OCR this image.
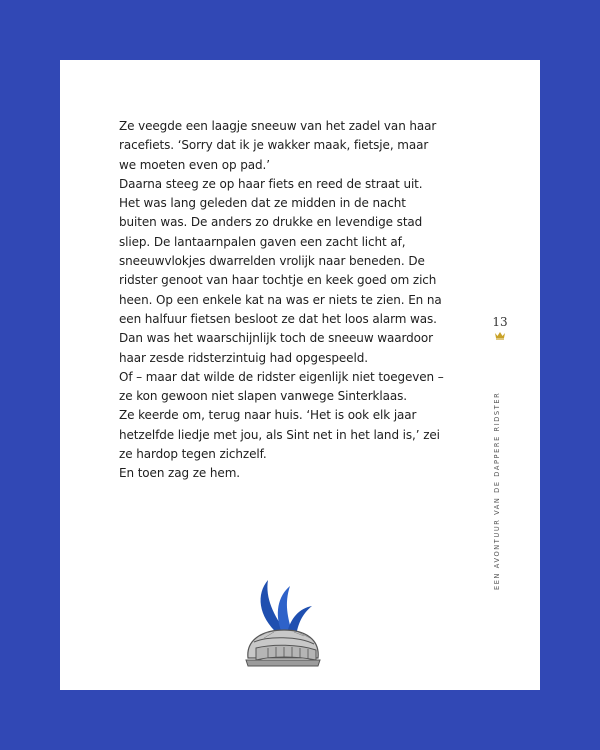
Ze veegde een laagje sneeuw van het zadel van haar

racefiets. ‘Sorry dat ik je wakker maak, fietsje, maar

we moeten even op pad.’

Daarna steeg ze op haar fiets en reed de straat uit.

Het was lang geleden dat ze midden in de nacht

buiten was. De anders zo drukke en levendige stad

sliep. De lantaarnpalen gaven een zacht licht af,

sneeuwvlokjes dwarrelden vrolijk naar beneden. De

ridster genoot van haar tochtje en keek goed om zich

heen. Op een enkele kat na was er niets te zien. En na

een halfuur fietsen besloot ze dat het loos alarm was.

Dan was het waarschijnlijk toch de sneeuw waardoor

haar zesde ridsterzintuig had opgespeeld.

Of – maar dat wilde de ridster eigenlijk niet toegeven –

ze kon gewoon niet slapen vanwege Sinterklaas.

Ze keerde om, terug naar huis. ‘Het is ook elk jaar

hetzelfde liedje met jou, als Sint net in het land is,’ zei

ze hardop tegen zichzelf.

En toen zag ze hem.

13
EEN AVONTUUR VAN DE DAPPERE RIDSTER
